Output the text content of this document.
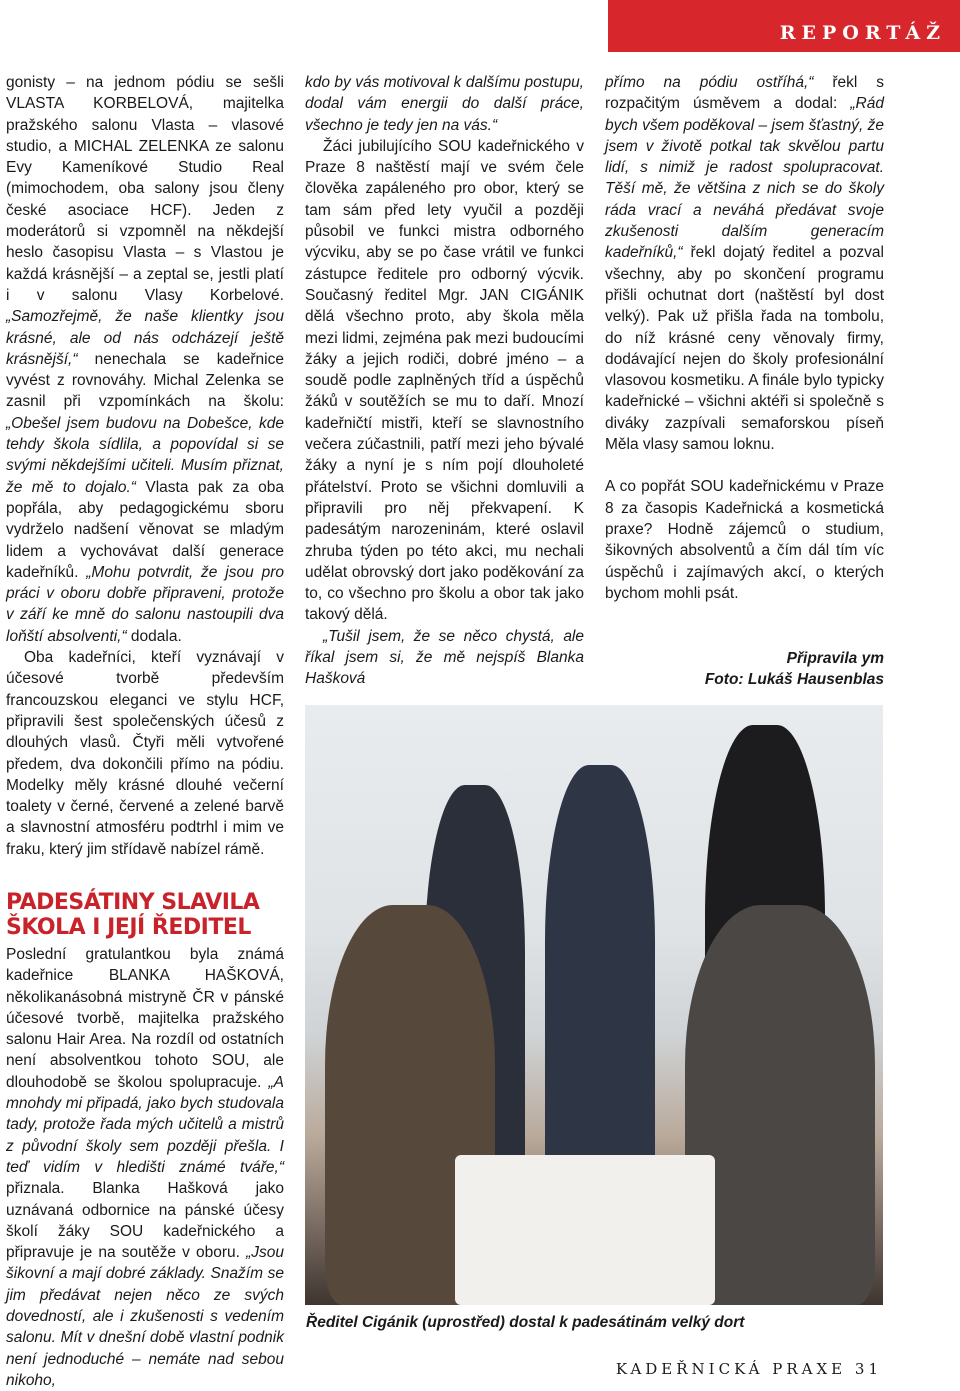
REPORTÁŽ

gonisty – na jednom pódiu se sešli VLASTA KORBELOVÁ, majitelka pražského salonu Vlasta – vlasové studio, a MICHAL ZELENKA ze salonu Evy Kameníkové Studio Real (mimochodem, oba salony jsou členy české asociace HCF). Jeden z moderátorů si vzpomněl na někdejší heslo časopisu Vlasta – s Vlastou je každá krásnější – a zeptal se, jestli platí i v salonu Vlasy Korbelové. „Samozřejmě, že naše klientky jsou krásné, ale od nás odcházejí ještě krásnější,“ nenechala se kadeřnice vyvést z rovnováhy. Michal Zelenka se zasnil při vzpomínkách na školu: „Obešel jsem budovu na Dobešce, kde tehdy škola sídlila, a popovídal si se svými někdejšími učiteli. Musím přiznat, že mě to dojalo.“ Vlasta pak za oba popřála, aby pedagogickému sboru vydrželo nadšení věnovat se mladým lidem a vychovávat další generace kadeřníků. „Mohu potvrdit, že jsou pro práci v oboru dobře připraveni, protože v září ke mně do salonu nastoupili dva loňští absolventi,“ dodala.

Oba kadeřníci, kteří vyznávají v účesové tvorbě především francouzskou eleganci ve stylu HCF, připravili šest společenských účesů z dlouhých vlasů. Čtyři měli vytvořené předem, dva dokončili přímo na pódiu. Modelky měly krásné dlouhé večerní toalety v černé, červené a zelené barvě a slavnostní atmosféru podtrhl i mim ve fraku, který jim střídavě nabízel rámě.

PADESÁTINY SLAVILA ŠKOLA I JEJÍ ŘEDITEL

Poslední gratulantkou byla známá kadeřnice BLANKA HAŠKOVÁ, několikanásobná mistryně ČR v pánské účesové tvorbě, majitelka pražského salonu Hair Area. Na rozdíl od ostatních není absolventkou tohoto SOU, ale dlouhodobě se školou spolupracuje. „A mnohdy mi připadá, jako bych studovala tady, protože řada mých učitelů a mistrů z původní školy sem později přešla. I teď vidím v hledišti známé tváře,“ přiznala. Blanka Hašková jako uznávaná odbornice na pánské účesy školí žáky SOU kadeřnického a připravuje je na soutěže v oboru. „Jsou šikovní a mají dobré základy. Snažím se jim předávat nejen něco ze svých dovedností, ale i zkušenosti s vedením salonu. Mít v dnešní době vlastní podnik není jednoduché – nemáte nad sebou nikoho,

kdo by vás motivoval k dalšímu postupu, dodal vám energii do další práce, všechno je tedy jen na vás.“

Žáci jubilujícího SOU kadeřnického v Praze 8 naštěstí mají ve svém čele člověka zapáleného pro obor, který se tam sám před lety vyučil a později působil ve funkci mistra odborného výcviku, aby se po čase vrátil ve funkci zástupce ředitele pro odborný výcvik. Současný ředitel Mgr. JAN CIGÁNIK dělá všechno proto, aby škola měla mezi lidmi, zejména pak mezi budoucími žáky a jejich rodiči, dobré jméno – a soudě podle zaplněných tříd a úspěchů žáků v soutěžích se mu to daří. Mnozí kadeřničtí mistři, kteří se slavnostního večera zúčastnili, patří mezi jeho bývalé žáky a nyní je s ním pojí dlouholeté přátelství. Proto se všichni domluvili a připravili pro něj překvapení. K padesátým narozeninám, které oslavil zhruba týden po této akci, mu nechali udělat obrovský dort jako poděkování za to, co všechno pro školu a obor tak jako takový dělá.

„Tušil jsem, že se něco chystá, ale říkal jsem si, že mě nejspíš Blanka Hašková

přímo na pódiu ostříhá,“ řekl s rozpačitým úsměvem a dodal: „Rád bych všem poděkoval – jsem šťastný, že jsem v životě potkal tak skvělou partu lidí, s nimiž je radost spolupracovat. Těší mě, že většina z nich se do školy ráda vrací a neváhá předávat svoje zkušenosti dalším generacím kadeřníků,“ řekl dojatý ředitel a pozval všechny, aby po skončení programu přišli ochutnat dort (naštěstí byl dost velký). Pak už přišla řada na tombolu, do níž krásné ceny věnovaly firmy, dodávající nejen do školy profesionální vlasovou kosmetiku. A finále bylo typicky kadeřnické – všichni aktéři si společně s diváky zazpívali semaforskou píseň Měla vlasy samou loknu.

A co popřát SOU kadeřnickému v Praze 8 za časopis Kadeřnická a kosmetická praxe? Hodně zájemců o studium, šikovných absolventů a čím dál tím víc úspěchů i zajímavých akcí, o kterých bychom mohli psát.

Připravila ym
Foto: Lukáš Hausenblas

Ředitel Cigánik (uprostřed) dostal k padesátinám velký dort
KADEŘNICKÁ PRAXE 31
